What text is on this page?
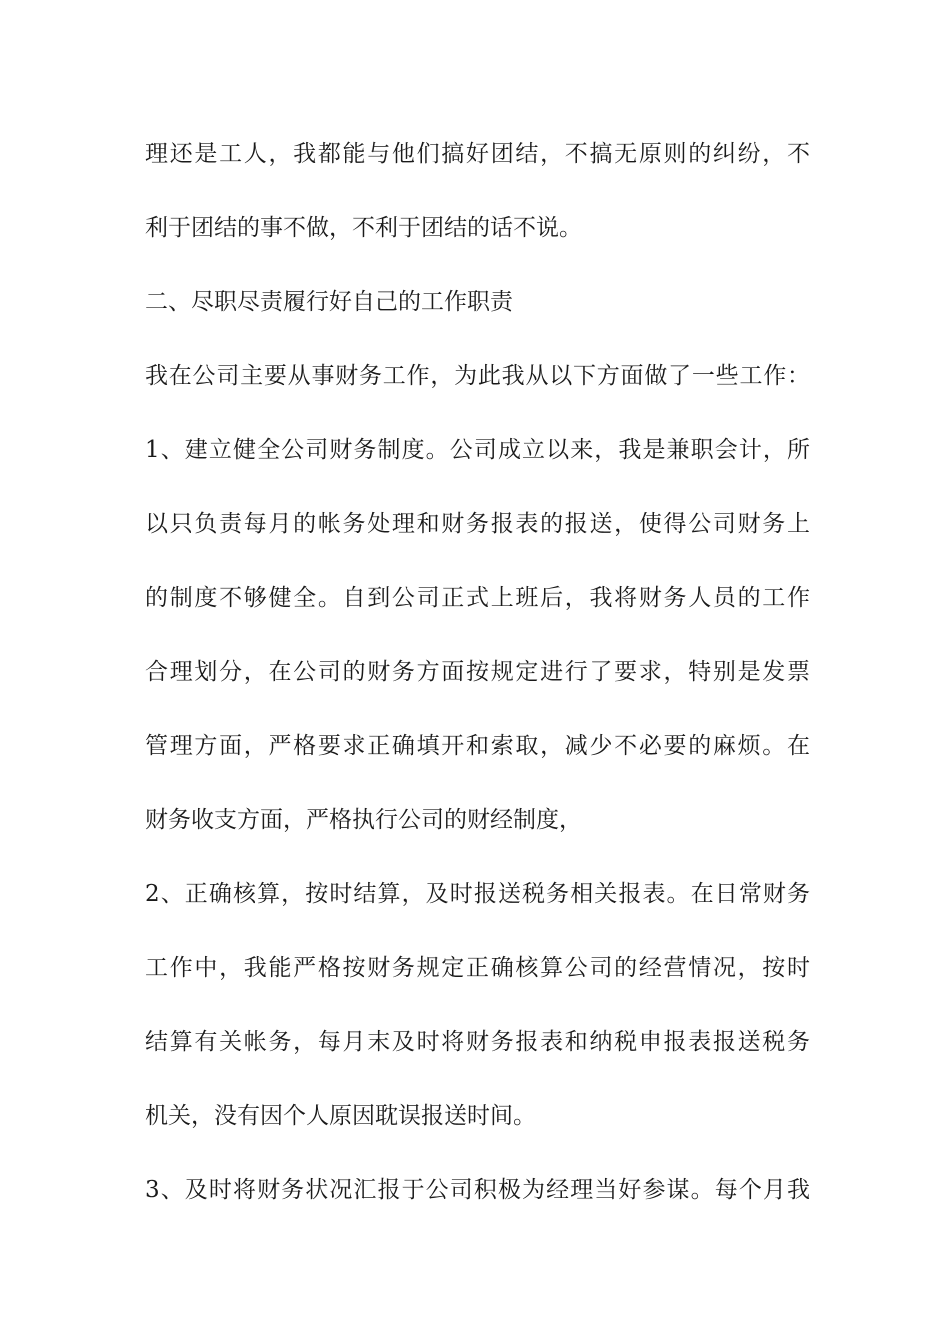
理还是工人，我都能与他们搞好团结，不搞无原则的纠纷，不
利于团结的事不做，不利于团结的话不说。
二、尽职尽责履行好自己的工作职责
我在公司主要从事财务工作，为此我从以下方面做了一些工作：
1、建立健全公司财务制度。公司成立以来，我是兼职会计，所
以只负责每月的帐务处理和财务报表的报送，使得公司财务上
的制度不够健全。自到公司正式上班后，我将财务人员的工作
合理划分，在公司的财务方面按规定进行了要求，特别是发票
管理方面，严格要求正确填开和索取，减少不必要的麻烦。在
财务收支方面，严格执行公司的财经制度，
2、正确核算，按时结算，及时报送税务相关报表。在日常财务
工作中，我能严格按财务规定正确核算公司的经营情况，按时
结算有关帐务，每月末及时将财务报表和纳税申报表报送税务
机关，没有因个人原因耽误报送时间。
3、及时将财务状况汇报于公司积极为经理当好参谋。每个月我
